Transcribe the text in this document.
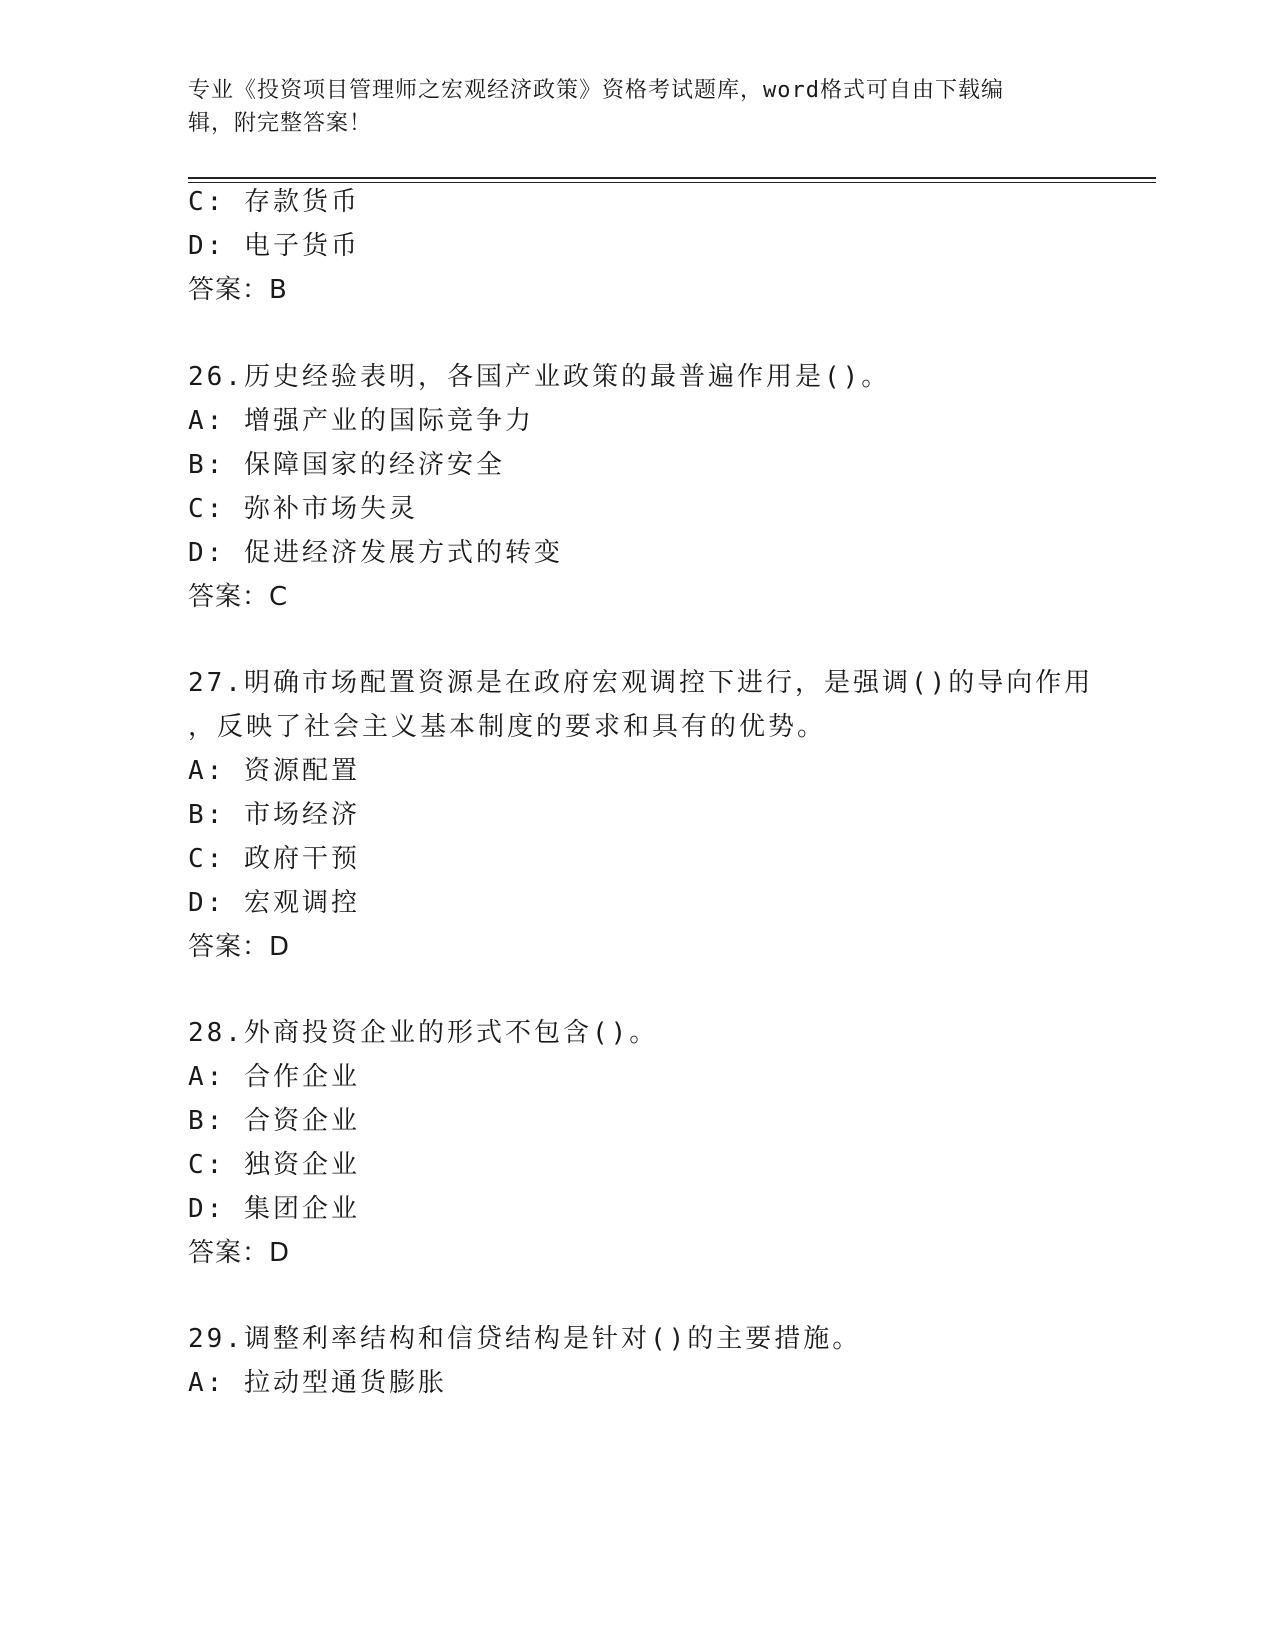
专业《投资项目管理师之宏观经济政策》资格考试题库，word格式可自由下载编
辑，附完整答案！
C: 存款货币
D: 电子货币
答案：B
26.历史经验表明，各国产业政策的最普遍作用是()。
A: 增强产业的国际竞争力
B: 保障国家的经济安全
C: 弥补市场失灵
D: 促进经济发展方式的转变
答案：C
27.明确市场配置资源是在政府宏观调控下进行，是强调()的导向作用
，反映了社会主义基本制度的要求和具有的优势。
A: 资源配置
B: 市场经济
C: 政府干预
D: 宏观调控
答案：D
28.外商投资企业的形式不包含()。
A: 合作企业
B: 合资企业
C: 独资企业
D: 集团企业
答案：D
29.调整利率结构和信贷结构是针对()的主要措施。
A: 拉动型通货膨胀
